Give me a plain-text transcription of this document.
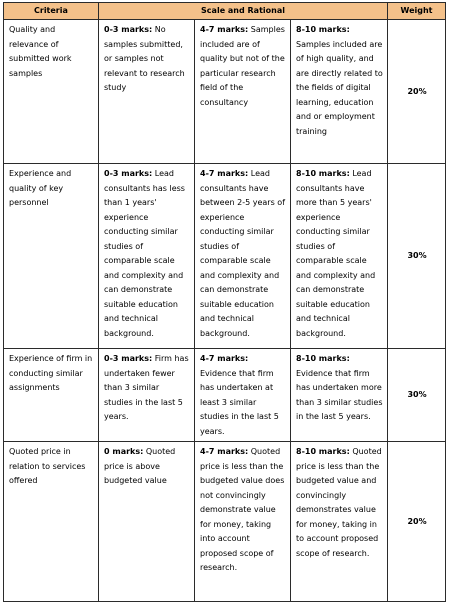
Criteria	Scale and Rational			Weight
Quality and relevance of submitted work samples	0-3 marks: No samples submitted, or samples not relevant to research study	4-7 marks: Samples included are of quality but not of the particular research field of the consultancy	8-10 marks: Samples included are of high quality, and are directly related to the fields of digital learning, education and or employment training	20%
Experience and quality of key personnel	0-3 marks: Lead consultants has less than 1 years' experience conducting similar studies of comparable scale and complexity and can demonstrate suitable education and technical background.	4-7 marks: Lead consultants have between 2-5 years of experience conducting similar studies of comparable scale and complexity and can demonstrate suitable education and technical background.	8-10 marks: Lead consultants have more than 5 years' experience conducting similar studies of comparable scale and complexity and can demonstrate suitable education and technical background.	30%
Experience of firm in conducting similar assignments	0-3 marks: Firm has undertaken fewer than 3 similar studies in the last 5 years.	4-7 marks: Evidence that firm has undertaken at least 3 similar studies in the last 5 years.	8-10 marks: Evidence that firm has undertaken more than 3 similar studies in the last 5 years.	30%
Quoted price in relation to services offered	0 marks: Quoted price is above budgeted value	4-7 marks: Quoted price is less than the budgeted value does not convincingly demonstrate value for money, taking into account proposed scope of research.	8-10 marks: Quoted price is less than the budgeted value and convincingly demonstrates value for money, taking in to account proposed scope of research.	20%
